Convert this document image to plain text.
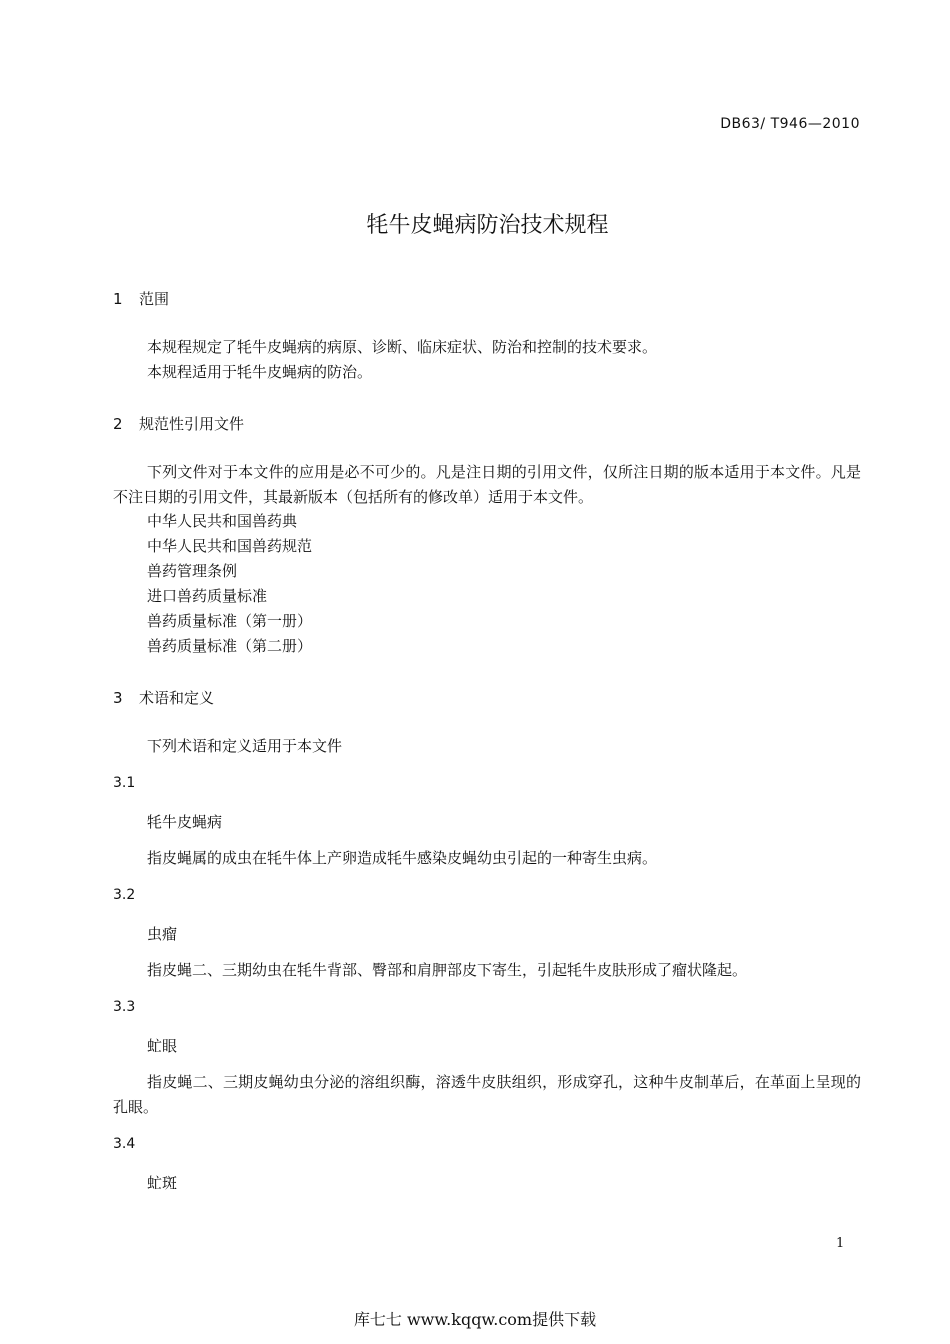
DB63/ T946—2010
牦牛皮蝇病防治技术规程
1 范围

本规程规定了牦牛皮蝇病的病原、诊断、临床症状、防治和控制的技术要求。

本规程适用于牦牛皮蝇病的防治。

2 规范性引用文件

下列文件对于本文件的应用是必不可少的。凡是注日期的引用文件，仅所注日期的版本适用于本文件。凡是不注日期的引用文件，其最新版本（包括所有的修改单）适用于本文件。

中华人民共和国兽药典
中华人民共和国兽药规范
兽药管理条例
进口兽药质量标准
兽药质量标准（第一册）
兽药质量标准（第二册）
3 术语和定义
下列术语和定义适用于本文件
3.1
牦牛皮蝇病

指皮蝇属的成虫在牦牛体上产卵造成牦牛感染皮蝇幼虫引起的一种寄生虫病。

3.2
虫瘤

指皮蝇二、三期幼虫在牦牛背部、臀部和肩胛部皮下寄生，引起牦牛皮肤形成了瘤状隆起。

3.3
虻眼

指皮蝇二、三期皮蝇幼虫分泌的溶组织酶，溶透牛皮肤组织，形成穿孔，这种牛皮制革后，在革面上呈现的孔眼。

3.4
虻斑
1
库七七 www.kqqw.com提供下载
